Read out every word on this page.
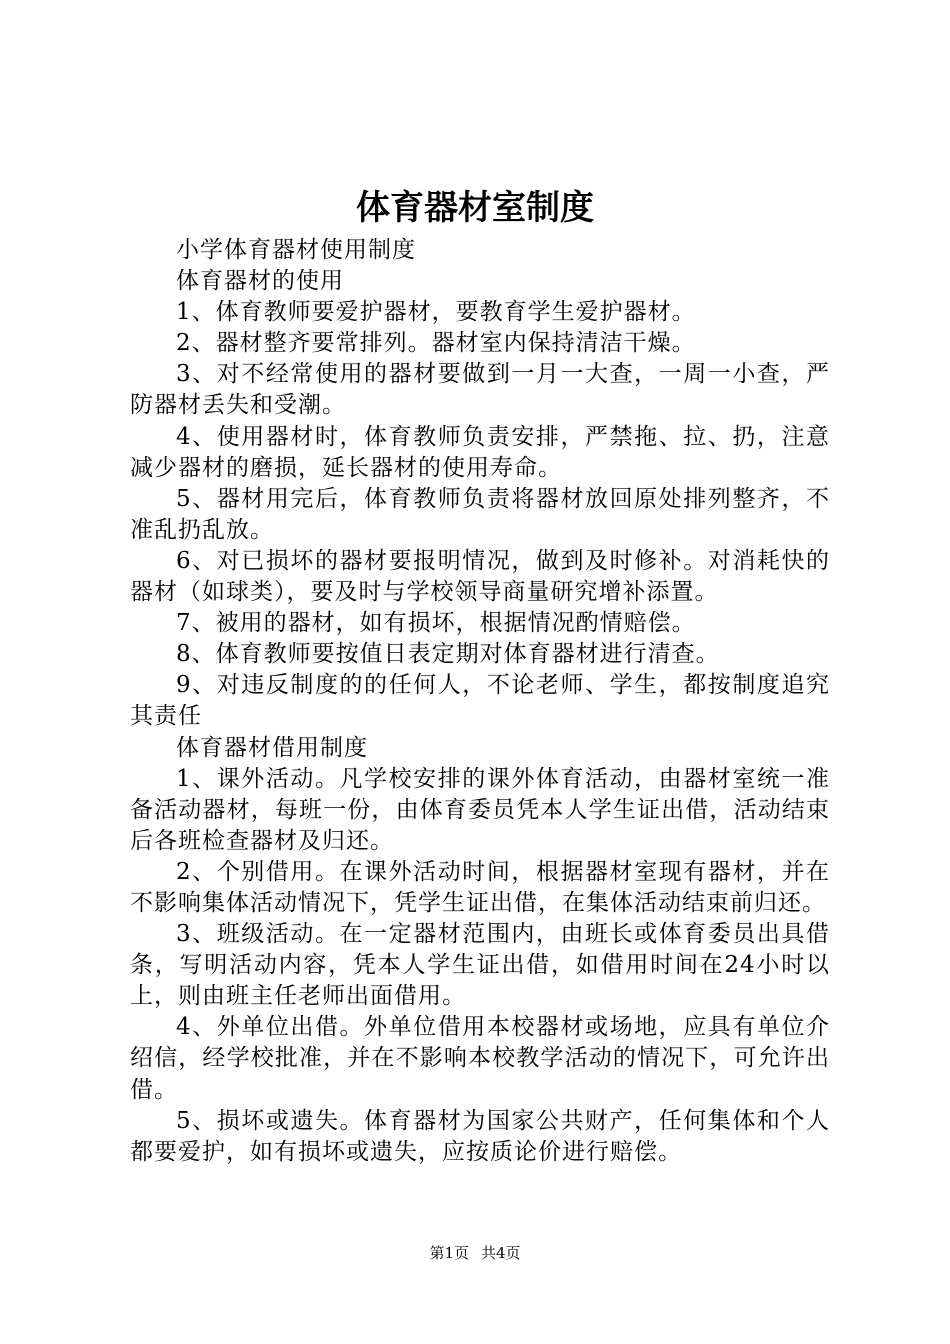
体育器材室制度

小学体育器材使用制度

体育器材的使用

1、体育教师要爱护器材，要教育学生爱护器材。

2、器材整齐要常排列。器材室内保持清洁干燥。

3、对不经常使用的器材要做到一月一大查，一周一小查，严防器材丢失和受潮。

4、使用器材时，体育教师负责安排，严禁拖、拉、扔，注意减少器材的磨损，延长器材的使用寿命。

5、器材用完后，体育教师负责将器材放回原处排列整齐，不准乱扔乱放。

6、对已损坏的器材要报明情况，做到及时修补。对消耗快的器材（如球类），要及时与学校领导商量研究增补添置。

7、被用的器材，如有损坏，根据情况酌情赔偿。

8、体育教师要按值日表定期对体育器材进行清查。

9、对违反制度的的任何人，不论老师、学生，都按制度追究其责任

体育器材借用制度

1、课外活动。凡学校安排的课外体育活动，由器材室统一准备活动器材，每班一份，由体育委员凭本人学生证出借，活动结束后各班检查器材及归还。

2、个别借用。在课外活动时间，根据器材室现有器材，并在不影响集体活动情况下，凭学生证出借，在集体活动结束前归还。

3、班级活动。在一定器材范围内，由班长或体育委员出具借条，写明活动内容，凭本人学生证出借，如借用时间在24小时以上，则由班主任老师出面借用。

4、外单位出借。外单位借用本校器材或场地，应具有单位介绍信，经学校批准，并在不影响本校教学活动的情况下，可允许出借。

5、损坏或遗失。体育器材为国家公共财产，任何集体和个人都要爱护，如有损坏或遗失，应按质论价进行赔偿。

第1页 共4页
